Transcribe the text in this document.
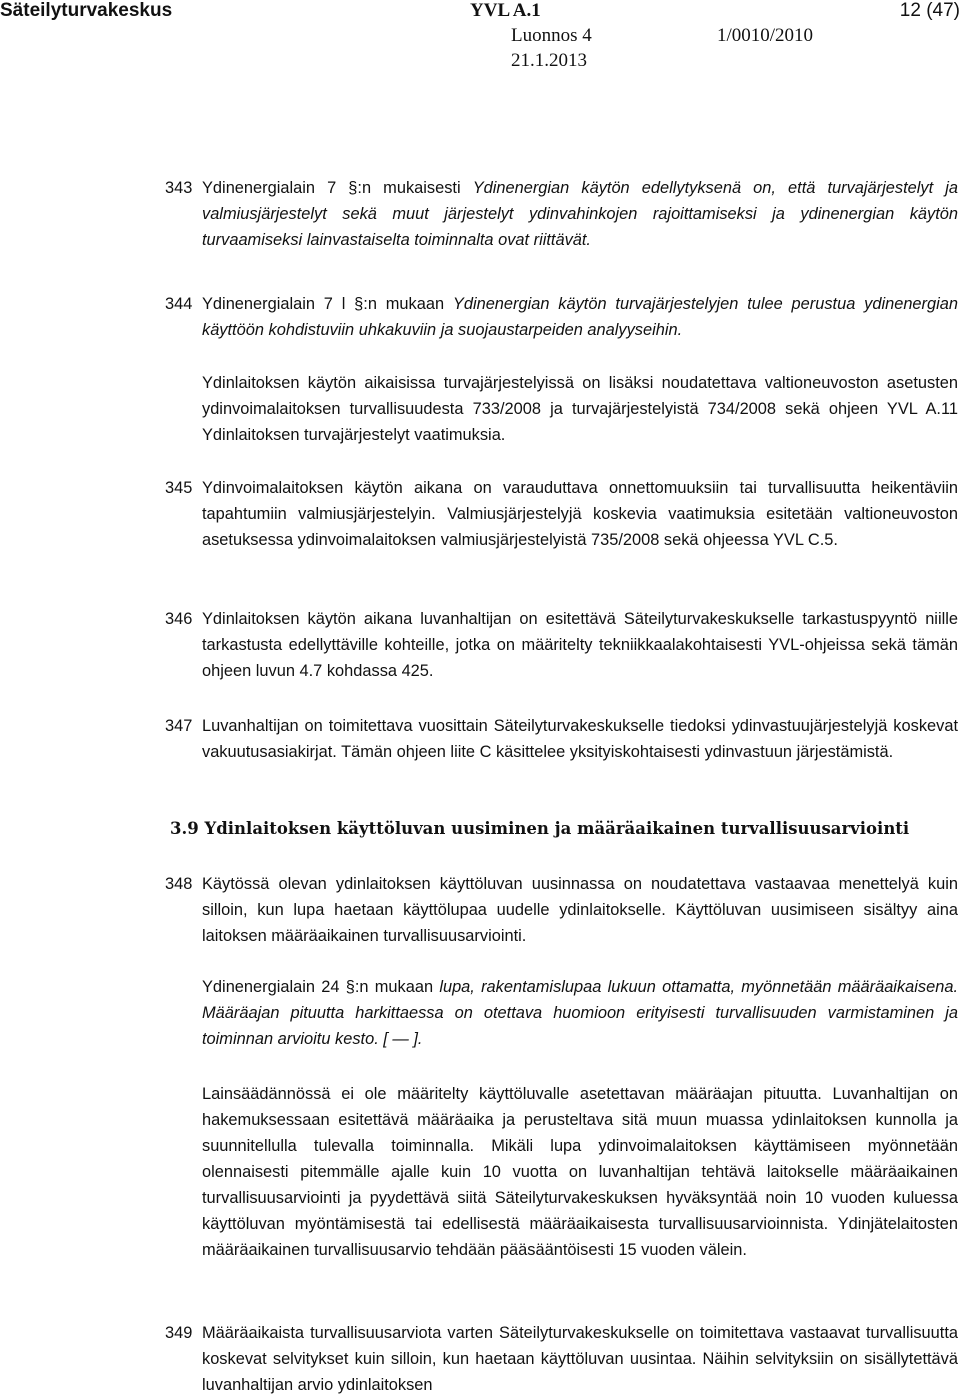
Säteilyturvakeskus	YVL A.1	12 (47)
Luonnos 4	1/0010/2010
21.1.2013
343 Ydinenergialain 7 §:n mukaisesti Ydinenergian käytön edellytyksenä on, että turvajärjestelyt ja valmiusjärjestelyt sekä muut järjestelyt ydinvahinkojen rajoittamiseksi ja ydinenergian käytön turvaamiseksi lainvastaiselta toiminnalta ovat riittävät.

344 Ydinenergialain 7 l §:n mukaan Ydinenergian käytön turvajärjestelyjen tulee perustua ydinenergian käyttöön kohdistuviin uhkakuviin ja suojaustarpeiden analyyseihin.

Ydinlaitoksen käytön aikaisissa turvajärjestelyissä on lisäksi noudatettava valtioneuvoston asetusten ydinvoimalaitoksen turvallisuudesta 733/2008 ja turvajärjestelyistä 734/2008 sekä ohjeen YVL A.11 Ydinlaitoksen turvajärjestelyt vaatimuksia.

345 Ydinvoimalaitoksen käytön aikana on varauduttava onnettomuuksiin tai turvallisuutta heikentäviin tapahtumiin valmiusjärjestelyin. Valmiusjärjestelyjä koskevia vaatimuksia esitetään valtioneuvoston asetuksessa ydinvoimalaitoksen valmiusjärjestelyistä 735/2008 sekä ohjeessa YVL C.5.

346 Ydinlaitoksen käytön aikana luvanhaltijan on esitettävä Säteilyturvakeskukselle tarkastuspyyntö niille tarkastusta edellyttäville kohteille, jotka on määritelty tekniikkaalakohtaisesti YVL-ohjeissa sekä tämän ohjeen luvun 4.7 kohdassa 425.

347 Luvanhaltijan on toimitettava vuosittain Säteilyturvakeskukselle tiedoksi ydinvastuujärjestelyjä koskevat vakuutusasiakirjat. Tämän ohjeen liite C käsittelee yksityiskohtaisesti ydinvastuun järjestämistä.

3.9 Ydinlaitoksen käyttöluvan uusiminen ja määräaikainen turvallisuusarviointi
348 Käytössä olevan ydinlaitoksen käyttöluvan uusinnassa on noudatettava vastaavaa menettelyä kuin silloin, kun lupa haetaan käyttölupaa uudelle ydinlaitokselle. Käyttöluvan uusimiseen sisältyy aina laitoksen määräaikainen turvallisuusarviointi.

Ydinenergialain 24 §:n mukaan lupa, rakentamislupaa lukuun ottamatta, myönnetään määräaikaisena. Määräajan pituutta harkittaessa on otettava huomioon erityisesti turvallisuuden varmistaminen ja toiminnan arvioitu kesto. [ — ].

Lainsäädännössä ei ole määritelty käyttöluvalle asetettavan määräajan pituutta. Luvanhaltijan on hakemuksessaan esitettävä määräaika ja perusteltava sitä muun muassa ydinlaitoksen kunnolla ja suunnitellulla tulevalla toiminnalla. Mikäli lupa ydinvoimalaitoksen käyttämiseen myönnetään olennaisesti pitemmälle ajalle kuin 10 vuotta on luvanhaltijan tehtävä laitokselle määräaikainen turvallisuusarviointi ja pyydettävä siitä Säteilyturvakeskuksen hyväksyntää noin 10 vuoden kuluessa käyttöluvan myöntämisestä tai edellisestä määräaikaisesta turvallisuusarvioinnista. Ydinjätelaitosten määräaikainen turvallisuusarvio tehdään pääsääntöisesti 15 vuoden välein.

349 Määräaikaista turvallisuusarviota varten Säteilyturvakeskukselle on toimitettava vastaavat turvallisuutta koskevat selvitykset kuin silloin, kun haetaan käyttöluvan uusintaa. Näihin selvityksiin on sisällytettävä luvanhaltijan arvio ydinlaitoksen
